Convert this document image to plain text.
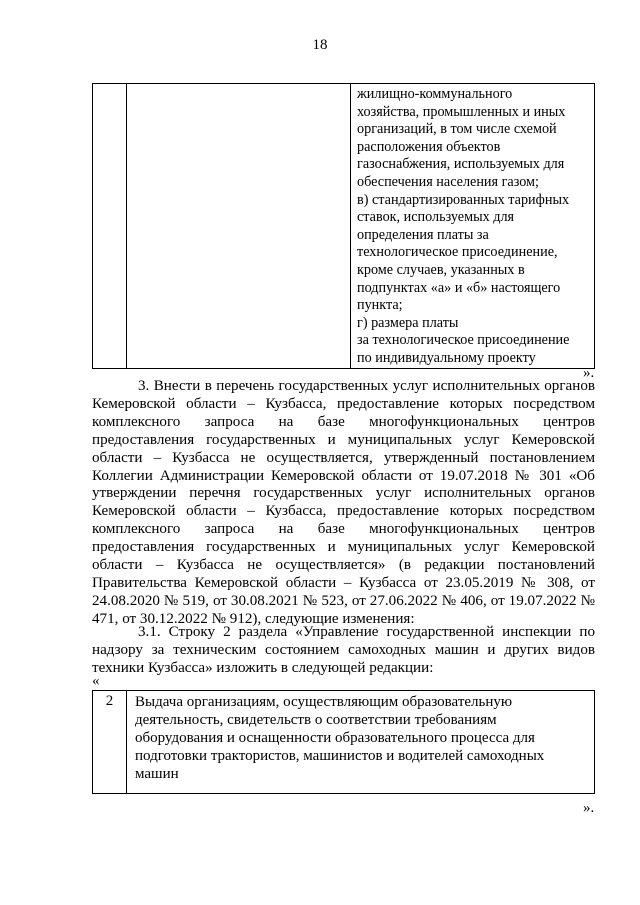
18

жилищно-коммунального
хозяйства, промышленных и иных
организаций, в том числе схемой
расположения объектов
газоснабжения, используемых для
обеспечения населения газом;
в) стандартизированных тарифных
ставок, используемых для
определения платы за
технологическое присоединение,
кроме случаев, указанных в
подпунктах «а» и «б» настоящего
пункта;
г) размера платы
за технологическое присоединение
по индивидуальному проекту
».

3. Внести в перечень государственных услуг исполнительных органов Кемеровской области – Кузбасса, предоставление которых посредством комплексного запроса на базе многофункциональных центров предоставления государственных и муниципальных услуг Кемеровской области – Кузбасса не осуществляется, утвержденный постановлением Коллегии Администрации Кемеровской области от 19.07.2018 № 301 «Об утверждении перечня государственных услуг исполнительных органов Кемеровской области – Кузбасса, предоставление которых посредством комплексного запроса на базе многофункциональных центров предоставления государственных и муниципальных услуг Кемеровской области – Кузбасса не осуществляется» (в редакции постановлений Правительства Кемеровской области – Кузбасса от 23.05.2019 № 308, от 24.08.2020 № 519, от 30.08.2021 № 523, от 27.06.2022 № 406, от 19.07.2022 № 471, от 30.12.2022 № 912), следующие изменения:

3.1. Строку 2 раздела «Управление государственной инспекции по надзору за техническим состоянием самоходных машин и других видов техники Кузбасса» изложить в следующей редакции:

«
2	Выдача организациям, осуществляющим образовательную деятельность, свидетельств о соответствии требованиям оборудования и оснащенности образовательного процесса для подготовки трактористов, машинистов и водителей самоходных машин
».
